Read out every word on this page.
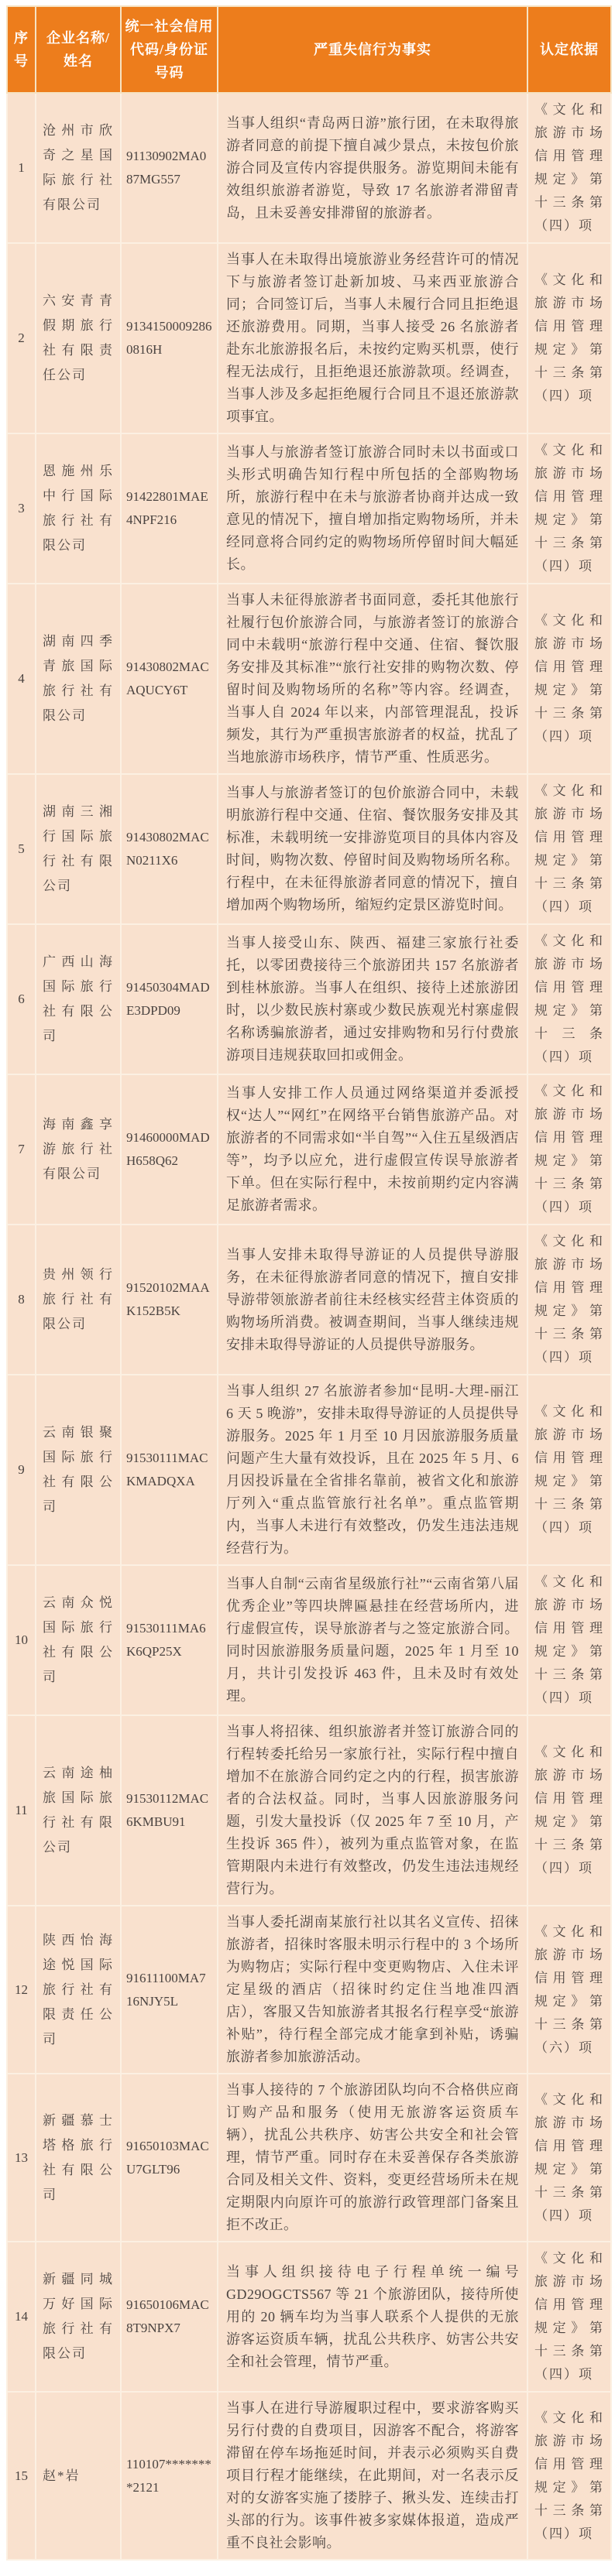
序号	企业名称/姓名	统一社会信用代码/身份证号码	严重失信行为事实	认定依据
1	沧州市欣奇之星国际旅行社有限公司	91130902MA087MG557	当事人组织“青岛两日游”旅行团，在未取得旅游者同意的前提下擅自减少景点，未按包价旅游合同及宣传内容提供服务。游览期间未能有效组织旅游者游览，导致 17 名旅游者滞留青岛，且未妥善安排滞留的旅游者。	《文化和旅游市场信用管理规定》第十三条第（四）项
2	六安青青假期旅行社有限责任公司	91341500092860816H	当事人在未取得出境旅游业务经营许可的情况下与旅游者签订赴新加坡、马来西亚旅游合同；合同签订后，当事人未履行合同且拒绝退还旅游费用。同期，当事人接受 26 名旅游者赴东北旅游报名后，未按约定购买机票，使行程无法成行，且拒绝退还旅游款项。经调查，当事人涉及多起拒绝履行合同且不退还旅游款项事宜。	《文化和旅游市场信用管理规定》第十三条第（四）项
3	恩施州乐中行国际旅行社有限公司	91422801MAE4NPF216	当事人与旅游者签订旅游合同时未以书面或口头形式明确告知行程中所包括的全部购物场所，旅游行程中在未与旅游者协商并达成一致意见的情况下，擅自增加指定购物场所，并未经同意将合同约定的购物场所停留时间大幅延长。	《文化和旅游市场信用管理规定》第十三条第（四）项
4	湖南四季青旅国际旅行社有限公司	91430802MACAQUCY6T	当事人未征得旅游者书面同意，委托其他旅行社履行包价旅游合同，与旅游者签订的旅游合同中未载明“旅游行程中交通、住宿、餐饮服务安排及其标准”“旅行社安排的购物次数、停留时间及购物场所的名称”等内容。经调查，当事人自 2024 年以来，内部管理混乱，投诉频发，其行为严重损害旅游者的权益，扰乱了当地旅游市场秩序，情节严重、性质恶劣。	《文化和旅游市场信用管理规定》第十三条第（四）项
5	湖南三湘行国际旅行社有限公司	91430802MACN0211X6	当事人与旅游者签订的包价旅游合同中，未载明旅游行程中交通、住宿、餐饮服务安排及其标准，未载明统一安排游览项目的具体内容及时间，购物次数、停留时间及购物场所名称。行程中，在未征得旅游者同意的情况下，擅自增加两个购物场所，缩短约定景区游览时间。	《文化和旅游市场信用管理规定》第十三条第（四）项
6	广西山海国际旅行社有限公司	91450304MADE3DPD09	当事人接受山东、陕西、福建三家旅行社委托，以零团费接待三个旅游团共 157 名旅游者到桂林旅游。当事人在组织、接待上述旅游团时，以少数民族村寨或少数民族观光村寨虚假名称诱骗旅游者，通过安排购物和另行付费旅游项目违规获取回扣或佣金。	《文化和旅游市场信用管理规定》第十三条（四）项
7	海南鑫享游旅行社有限公司	91460000MADH658Q62	当事人安排工作人员通过网络渠道并委派授权“达人”“网红”在网络平台销售旅游产品。对旅游者的不同需求如“半自驾”“入住五星级酒店等”，均予以应允，进行虚假宣传误导旅游者下单。但在实际行程中，未按前期约定内容满足旅游者需求。	《文化和旅游市场信用管理规定》第十三条第（四）项
8	贵州领行旅行社有限公司	91520102MAAK152B5K	当事人安排未取得导游证的人员提供导游服务，在未征得旅游者同意的情况下，擅自安排导游带领旅游者前往未经核实经营主体资质的购物场所消费。被调查期间，当事人继续违规安排未取得导游证的人员提供导游服务。	《文化和旅游市场信用管理规定》第十三条第（四）项
9	云南银聚国际旅行社有限公司	91530111MACKMADQXA	当事人组织 27 名旅游者参加“昆明-大理-丽江 6 天 5 晚游”，安排未取得导游证的人员提供导游服务。2025 年 1 月至 10 月因旅游服务质量问题产生大量有效投诉，且在 2025 年 5 月、6 月因投诉量在全省排名靠前，被省文化和旅游厅列入“重点监管旅行社名单”。重点监管期内，当事人未进行有效整改，仍发生违法违规经营行为。	《文化和旅游市场信用管理规定》第十三条第（四）项
10	云南众悦国际旅行社有限公司	91530111MA6K6QP25X	当事人自制“云南省星级旅行社”“云南省第八届优秀企业”等四块牌匾悬挂在经营场所内，进行虚假宣传，误导旅游者与之签定旅游合同。同时因旅游服务质量问题，2025 年 1 月至 10 月，共计引发投诉 463 件，且未及时有效处理。	《文化和旅游市场信用管理规定》第十三条第（四）项
11	云南途柚旅国际旅行社有限公司	91530112MAC6KMBU91	当事人将招徕、组织旅游者并签订旅游合同的行程转委托给另一家旅行社，实际行程中擅自增加不在旅游合同约定之内的行程，损害旅游者的合法权益。同时，当事人因旅游服务问题，引发大量投诉（仅 2025 年 7 至 10 月，产生投诉 365 件），被列为重点监管对象，在监管期限内未进行有效整改，仍发生违法违规经营行为。	《文化和旅游市场信用管理规定》第十三条第（四）项
12	陕西怡海途悦国际旅行社有限责任公司	91611100MA716NJY5L	当事人委托湖南某旅行社以其名义宣传、招徕旅游者，招徕时客服未明示行程中的 3 个场所为购物店；实际行程中变更购物店、入住未评定星级的酒店（招徕时约定住当地准四酒店），客服又告知旅游者其报名行程享受“旅游补贴”，待行程全部完成才能拿到补贴，诱骗旅游者参加旅游活动。	《文化和旅游市场信用管理规定》第十三条第（六）项
13	新疆慕士塔格旅行社有限公司	91650103MACU7GLT96	当事人接待的 7 个旅游团队均向不合格供应商订购产品和服务（使用无旅游客运资质车辆），扰乱公共秩序、妨害公共安全和社会管理，情节严重。同时存在未妥善保存各类旅游合同及相关文件、资料，变更经营场所未在规定期限内向原许可的旅游行政管理部门备案且拒不改正。	《文化和旅游市场信用管理规定》第十三条第（四）项
14	新疆同城万好国际旅行社有限公司	91650106MAC8T9NPX7	当事人组织接待电子行程单统一编号 GD29OGCTS567 等 21 个旅游团队，接待所使用的 20 辆车均为当事人联系个人提供的无旅游客运资质车辆，扰乱公共秩序、妨害公共安全和社会管理，情节严重。	《文化和旅游市场信用管理规定》第十三条第（四）项
15	赵*岩	110107********2121	当事人在进行导游履职过程中，要求游客购买另行付费的自费项目，因游客不配合，将游客滞留在停车场拖延时间，并表示必须购买自费项目行程才能继续，在此期间，对一名表示反对的女游客实施了搂脖子、揪头发、连续击打头部的行为。该事件被多家媒体报道，造成严重不良社会影响。	《文化和旅游市场信用管理规定》第十三条第（四）项
